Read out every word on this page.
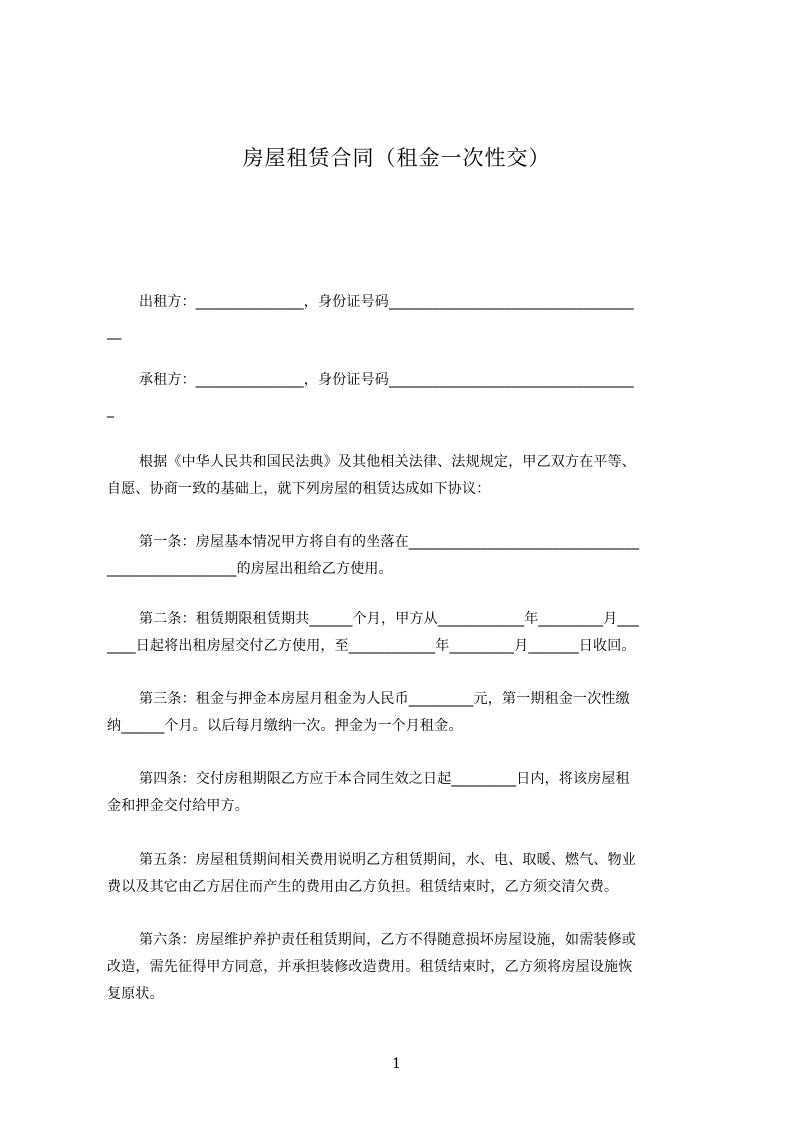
房屋租赁合同（租金一次性交）
出租方：_______________，身份证号码__________________________________
__
承租方：_______________，身份证号码__________________________________
_
根据《中华人民共和国民法典》及其他相关法律、法规规定，甲乙双方在平等、
自愿、协商一致的基础上，就下列房屋的租赁达成如下协议：
第一条：房屋基本情况甲方将自有的坐落在________________________________
__________________的房屋出租给乙方使用。
第二条：租赁期限租赁期共______个月，甲方从____________年_________月___
____日起将出租房屋交付乙方使用，至____________年_________月_______日收回。
第三条：租金与押金本房屋月租金为人民币_________元，第一期租金一次性缴
纳______个月。以后每月缴纳一次。押金为一个月租金。
第四条：交付房租期限乙方应于本合同生效之日起_________日内，将该房屋租
金和押金交付给甲方。
第五条：房屋租赁期间相关费用说明乙方租赁期间，水、电、取暖、燃气、物业
费以及其它由乙方居住而产生的费用由乙方负担。租赁结束时，乙方须交清欠费。
第六条：房屋维护养护责任租赁期间，乙方不得随意损坏房屋设施，如需装修或
改造，需先征得甲方同意，并承担装修改造费用。租赁结束时，乙方须将房屋设施恢
复原状。
1
